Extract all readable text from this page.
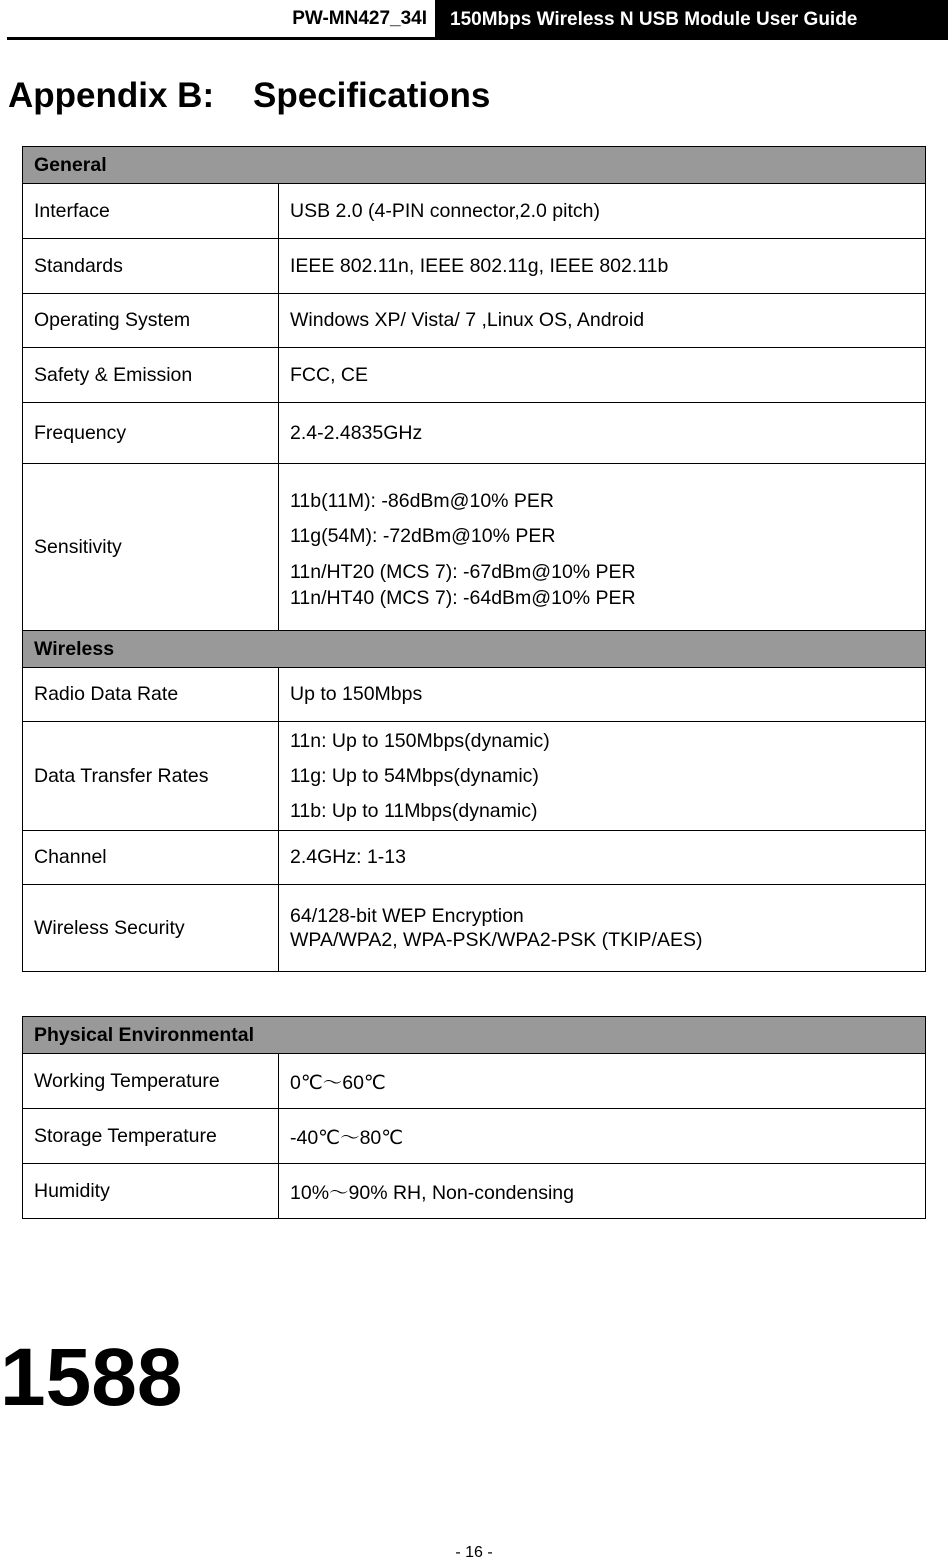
PW-MN427_34I	150Mbps Wireless N USB Module User Guide
Appendix B:    Specifications
General	
Interface	USB 2.0 (4-PIN connector,2.0 pitch)
Standards	IEEE 802.11n, IEEE 802.11g, IEEE 802.11b
Operating System	Windows XP/ Vista/ 7 ,Linux OS, Android
Safety & Emission	FCC, CE
Frequency	2.4-2.4835GHz
Sensitivity	11b(11M): -86dBm@10% PER
11g(54M): -72dBm@10% PER
11n/HT20 (MCS 7): -67dBm@10% PER
11n/HT40 (MCS 7): -64dBm@10% PER

Wireless	
Radio Data Rate	Up to 150Mbps
Data Transfer Rates	11n: Up to 150Mbps(dynamic)
11g: Up to 54Mbps(dynamic)
11b: Up to 11Mbps(dynamic)

Channel	2.4GHz: 1-13
Wireless Security	64/128-bit WEP Encryption
WPA/WPA2, WPA-PSK/WPA2-PSK (TKIP/AES)
Physical Environmental	
Working Temperature	0℃～60℃
Storage Temperature	-40℃～80℃
Humidity	10%～90% RH, Non-condensing
1588
- 16 -
